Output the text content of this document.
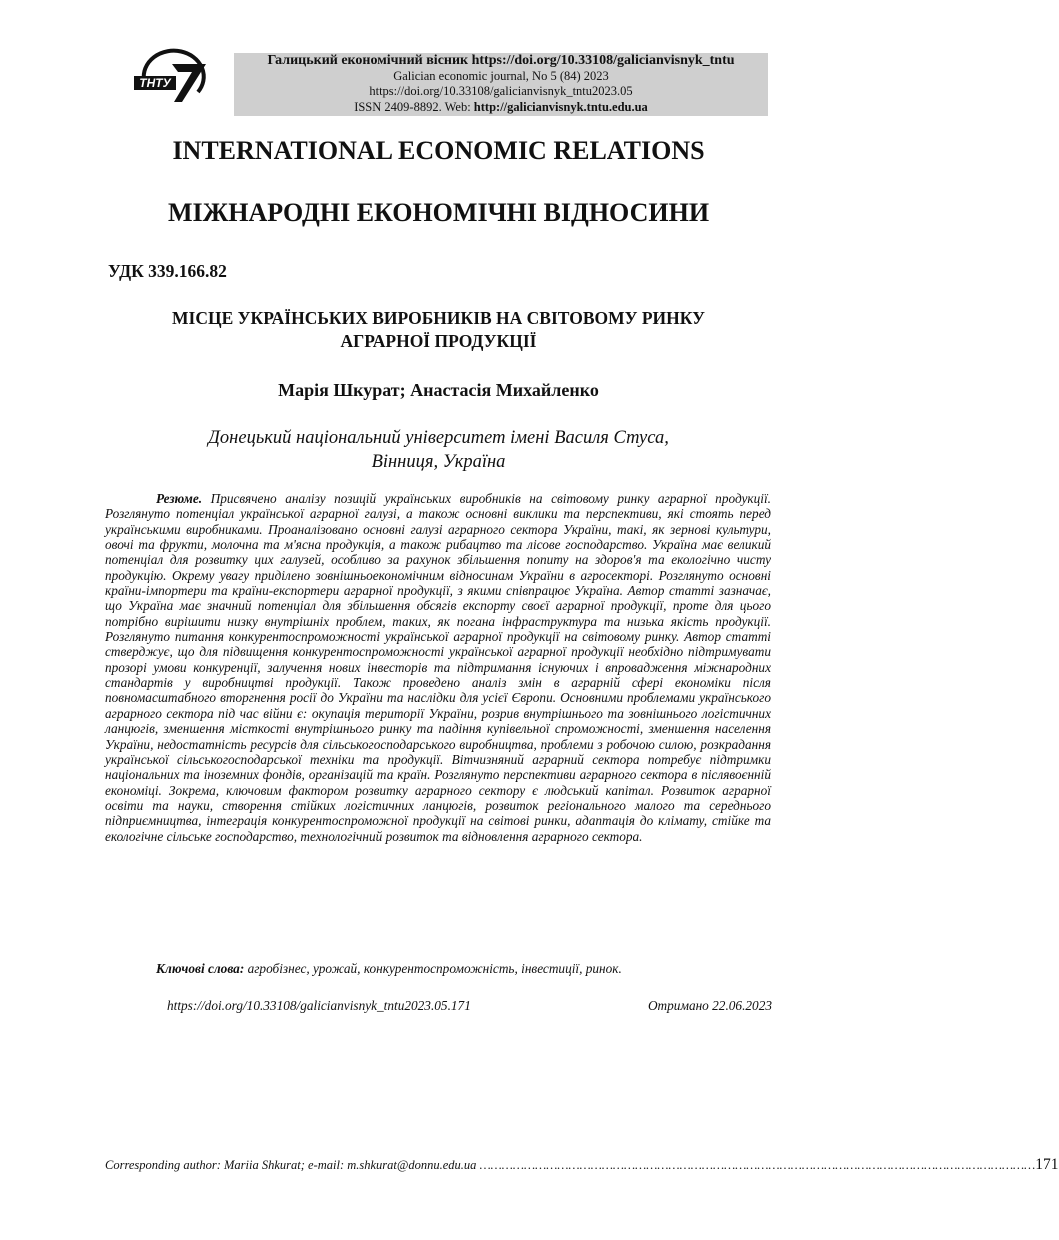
ТНТУ
Галицький економічний вісник https://doi.org/10.33108/galicianvisnyk_tntu
Galician economic journal, No 5 (84) 2023
https://doi.org/10.33108/galicianvisnyk_tntu2023.05
ISSN 2409-8892. Web: http://galicianvisnyk.tntu.edu.ua
INTERNATIONAL ECONOMIC RELATIONS
МІЖНАРОДНІ ЕКОНОМІЧНІ ВІДНОСИНИ
УДК 339.166.82
МІСЦЕ УКРАЇНСЬКИХ ВИРОБНИКІВ НА СВІТОВОМУ РИНКУ
АГРАРНОЇ ПРОДУКЦІЇ
Марія Шкурат; Анастасія Михайленко
Донецький національний університет імені Василя Стуса,
Вінниця, Україна
Резюме. Присвячено аналізу позицій українських виробників на світовому ринку аграрної продукції. Розглянуто потенціал української аграрної галузі, а також основні виклики та перспективи, які стоять перед українськими виробниками. Проаналізовано основні галузі аграрного сектора України, такі, як зернові культури, овочі та фрукти, молочна та м'ясна продукція, а також рибацтво та лісове господарство. Україна має великий потенціал для розвитку цих галузей, особливо за рахунок збільшення попиту на здоров'я та екологічно чисту продукцію. Окрему увагу приділено зовнішньоекономічним відносинам України в агросекторі. Розглянуто основні країни-імпортери та країни-експортери аграрної продукції, з якими співпрацює Україна. Автор статті зазначає, що Україна має значний потенціал для збільшення обсягів експорту своєї аграрної продукції, проте для цього потрібно вирішити низку внутрішніх проблем, таких, як погана інфраструктура та низька якість продукції. Розглянуто питання конкурентоспроможності української аграрної продукції на світовому ринку. Автор статті стверджує, що для підвищення конкурентоспроможності української аграрної продукції необхідно підтримувати прозорі умови конкуренції, залучення нових інвесторів та підтримання існуючих і впровадження міжнародних стандартів у виробництві продукції. Також проведено аналіз змін в аграрній сфері економіки після повномасштабного вторгнення росії до України та наслідки для усієї Європи. Основними проблемами українського аграрного сектора під час війни є: окупація території України, розрив внутрішнього та зовнішнього логістичних ланцюгів, зменшення місткості внутрішнього ринку та падіння купівельної спроможності, зменшення населення України, недостатність ресурсів для сільськогосподарського виробництва, проблеми з робочою силою, розкрадання української сільськогосподарської техніки та продукції. Вітчизняний аграрний сектора потребує підтримки національних та іноземних фондів, організацій та країн. Розглянуто перспективи аграрного сектора в післявоєнній економіці. Зокрема, ключовим фактором розвитку аграрного сектору є людський капітал. Розвиток аграрної освіти та науки, створення стійких логістичних ланцюгів, розвиток регіонального малого та середнього підприємництва, інтеграція конкурентоспроможної продукції на світові ринки, адаптація до клімату, стійке та екологічне сільське господарство, технологічний розвиток та відновлення аграрного сектора.
Ключові слова: агробізнес, урожай, конкурентоспроможність, інвестиції, ринок.
https://doi.org/10.33108/galicianvisnyk_tntu2023.05.171	Отримано 22.06.2023
Corresponding author: Mariia Shkurat; e-mail: m.shkurat@donnu.edu.ua …………………………………………………………………………………………………………………………………… 171
